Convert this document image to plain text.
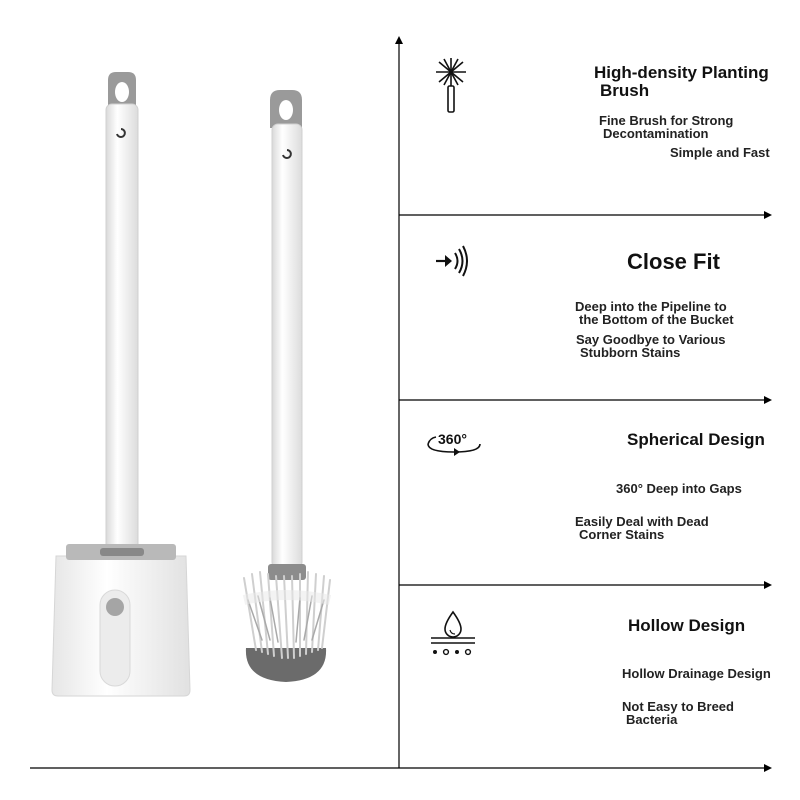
High-density Planting
Brush
Fine Brush for Strong
Decontamination
Simple and Fast
Close Fit
Deep into the Pipeline to
the Bottom of the Bucket
Say Goodbye to Various
Stubborn Stains
360°	Spherical Design
360° Deep into Gaps
Easily Deal with Dead
Corner Stains
Hollow Design
Hollow Drainage Design
Not Easy to Breed
Bacteria
